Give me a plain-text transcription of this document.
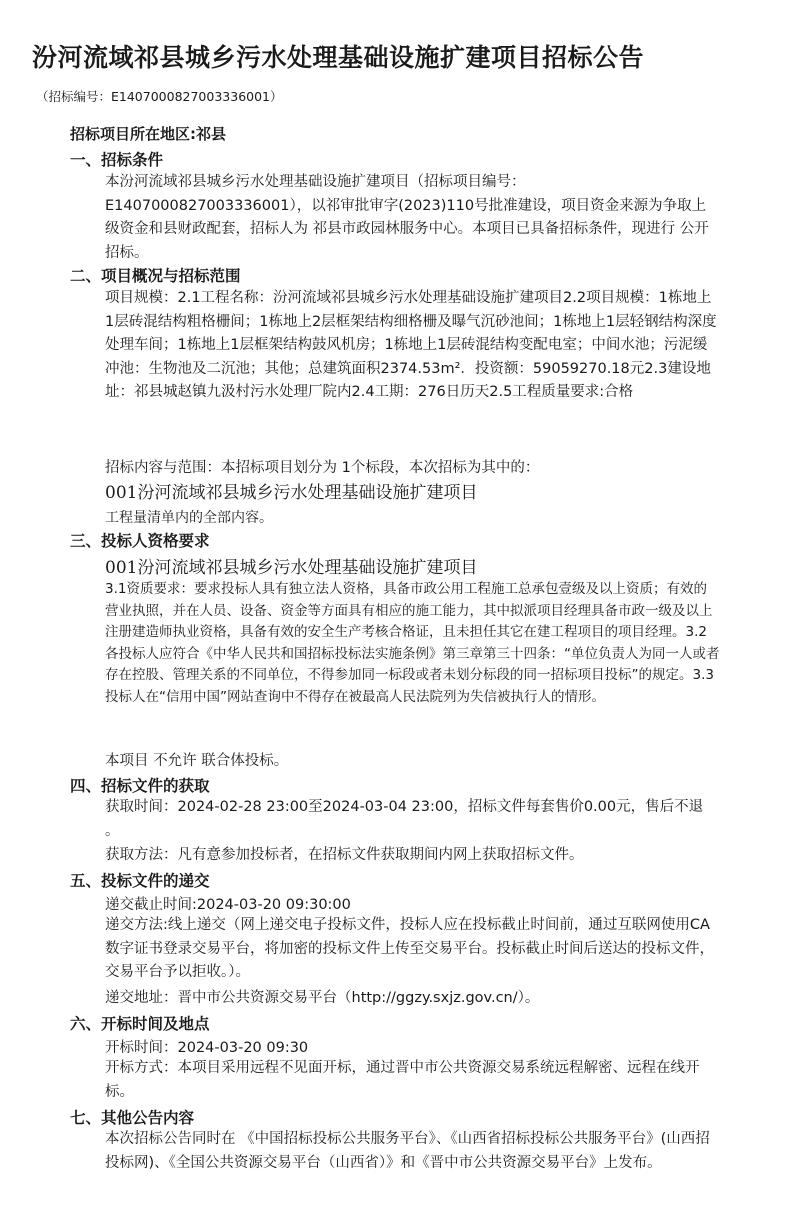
汾河流域祁县城乡污水处理基础设施扩建项目招标公告
（招标编号：E1407000827003336001）
招标项目所在地区:祁县
一、招标条件
本汾河流域祁县城乡污水处理基础设施扩建项目（招标项目编号：E1407000827003336001），以祁审批审字(2023)110号批准建设，项目资金来源为争取上级资金和县财政配套，招标人为 祁县市政园林服务中心。本项目已具备招标条件，现进行 公开招标。
二、项目概况与招标范围
项目规模：2.1工程名称：汾河流域祁县城乡污水处理基础设施扩建项目2.2项目规模：1栋地上1层砖混结构粗格栅间；1栋地上2层框架结构细格栅及曝气沉砂池间；1栋地上1层轻钢结构深度处理车间；1栋地上1层框架结构鼓风机房；1栋地上1层砖混结构变配电室；中间水池；污泥缓冲池：生物池及二沉池；其他；总建筑面积2374.53m²．投资额：59059270.18元2.3建设地址：祁县城赵镇九汲村污水处理厂院内2.4工期：276日历天2.5工程质量要求:合格
招标内容与范围：本招标项目划分为 1个标段，本次招标为其中的：
001汾河流域祁县城乡污水处理基础设施扩建项目
工程量清单内的全部内容。
三、投标人资格要求
001汾河流域祁县城乡污水处理基础设施扩建项目
3.1资质要求：要求投标人具有独立法人资格，具备市政公用工程施工总承包壹级及以上资质；有效的营业执照，并在人员、设备、资金等方面具有相应的施工能力，其中拟派项目经理具备市政一级及以上注册建造师执业资格，具备有效的安全生产考核合格证，且未担任其它在建工程项目的项目经理。3.2各投标人应符合《中华人民共和国招标投标法实施条例》第三章第三十四条：“单位负责人为同一人或者存在控股、管理关系的不同单位，不得参加同一标段或者未划分标段的同一招标项目投标”的规定。3.3投标人在“信用中国”网站查询中不得存在被最高人民法院列为失信被执行人的情形。
本项目 不允许 联合体投标。
四、招标文件的获取
获取时间：2024-02-28 23:00至2024-03-04 23:00，招标文件每套售价0.00元，售后不退 。
获取方法：凡有意参加投标者，在招标文件获取期间内网上获取招标文件。
五、投标文件的递交
递交截止时间:2024-03-20 09:30:00
递交方法:线上递交（网上递交电子投标文件，投标人应在投标截止时间前，通过互联网使用CA数字证书登录交易平台，将加密的投标文件上传至交易平台。投标截止时间后送达的投标文件，交易平台予以拒收。）。
递交地址：晋中市公共资源交易平台（http://ggzy.sxjz.gov.cn/）。
六、开标时间及地点
开标时间：2024-03-20 09:30
开标方式：本项目采用远程不见面开标，通过晋中市公共资源交易系统远程解密、远程在线开标。
七、其他公告内容
本次招标公告同时在 《中国招标投标公共服务平台》、《山西省招标投标公共服务平台》(山西招投标网)、《全国公共资源交易平台（山西省）》和《晋中市公共资源交易平台》上发布。
